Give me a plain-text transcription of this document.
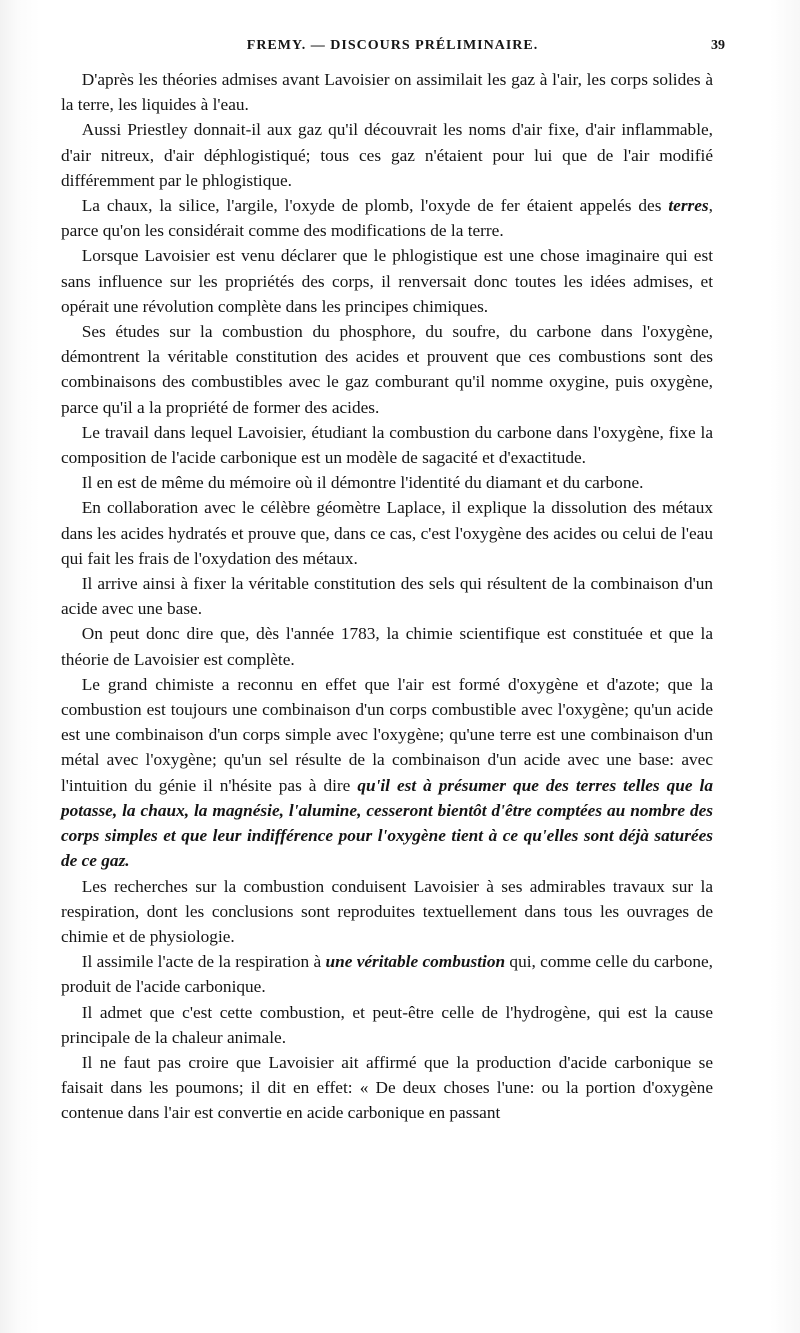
FREMY. — DISCOURS PRÉLIMINAIRE.	39

D'après les théories admises avant Lavoisier on assimilait les gaz à l'air, les corps solides à la terre, les liquides à l'eau.

Aussi Priestley donnait-il aux gaz qu'il découvrait les noms d'air fixe, d'air inflammable, d'air nitreux, d'air déphlogistiqué; tous ces gaz n'étaient pour lui que de l'air modifié différemment par le phlogistique.

La chaux, la silice, l'argile, l'oxyde de plomb, l'oxyde de fer étaient appelés des terres, parce qu'on les considérait comme des modifications de la terre.

Lorsque Lavoisier est venu déclarer que le phlogistique est une chose imaginaire qui est sans influence sur les propriétés des corps, il renversait donc toutes les idées admises, et opérait une révolution complète dans les principes chimiques.

Ses études sur la combustion du phosphore, du soufre, du carbone dans l'oxygène, démontrent la véritable constitution des acides et prouvent que ces combustions sont des combinaisons des combustibles avec le gaz comburant qu'il nomme oxygine, puis oxygène, parce qu'il a la propriété de former des acides.

Le travail dans lequel Lavoisier, étudiant la combustion du carbone dans l'oxygène, fixe la composition de l'acide carbonique est un modèle de sagacité et d'exactitude.

Il en est de même du mémoire où il démontre l'identité du diamant et du carbone.

En collaboration avec le célèbre géomètre Laplace, il explique la dissolution des métaux dans les acides hydratés et prouve que, dans ce cas, c'est l'oxygène des acides ou celui de l'eau qui fait les frais de l'oxydation des métaux.

Il arrive ainsi à fixer la véritable constitution des sels qui résultent de la combinaison d'un acide avec une base.

On peut donc dire que, dès l'année 1783, la chimie scientifique est constituée et que la théorie de Lavoisier est complète.

Le grand chimiste a reconnu en effet que l'air est formé d'oxygène et d'azote; que la combustion est toujours une combinaison d'un corps combustible avec l'oxygène; qu'un acide est une combinaison d'un corps simple avec l'oxygène; qu'une terre est une combinaison d'un métal avec l'oxygène; qu'un sel résulte de la combinaison d'un acide avec une base: avec l'intuition du génie il n'hésite pas à dire qu'il est à présumer que des terres telles que la potasse, la chaux, la magnésie, l'alumine, cesseront bientôt d'être comptées au nombre des corps simples et que leur indifférence pour l'oxygène tient à ce qu'elles sont déjà saturées de ce gaz.

Les recherches sur la combustion conduisent Lavoisier à ses admirables travaux sur la respiration, dont les conclusions sont reproduites textuellement dans tous les ouvrages de chimie et de physiologie.

Il assimile l'acte de la respiration à une véritable combustion qui, comme celle du carbone, produit de l'acide carbonique.

Il admet que c'est cette combustion, et peut-être celle de l'hydrogène, qui est la cause principale de la chaleur animale.

Il ne faut pas croire que Lavoisier ait affirmé que la production d'acide carbonique se faisait dans les poumons; il dit en effet: « De deux choses l'une: ou la portion d'oxygène contenue dans l'air est convertie en acide carbonique en passant
